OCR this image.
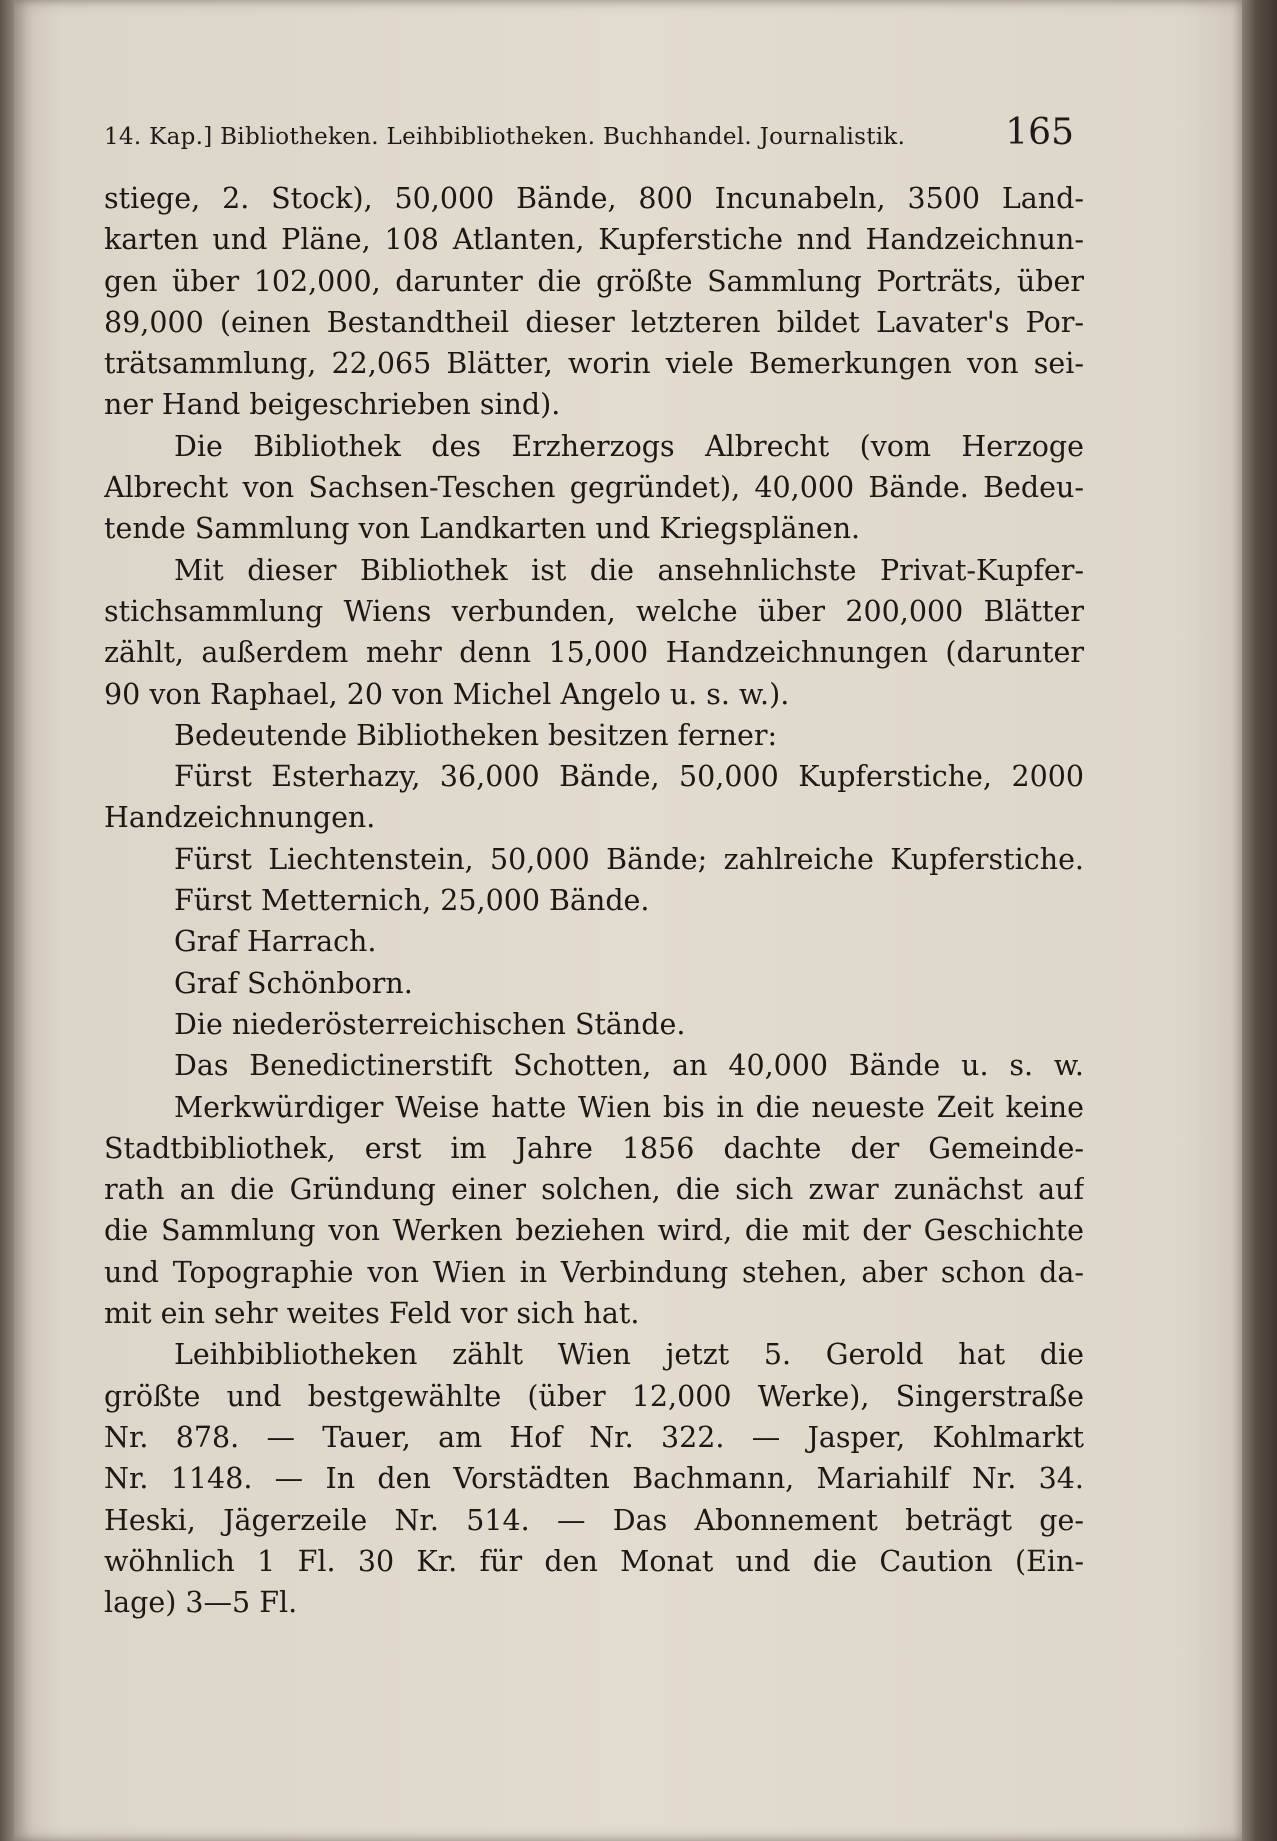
14. Kap.] Bibliotheken. Leihbibliotheken. Buchhandel. Journalistik.	165
stiege, 2. Stock), 50,000 Bände, 800 Incunabeln, 3500 Land-
karten und Pläne, 108 Atlanten, Kupferstiche nnd Handzeichnun-
gen über 102,000, darunter die größte Sammlung Porträts, über
89,000 (einen Bestandtheil dieser letzteren bildet Lavater's Por-
trätsammlung, 22,065 Blätter, worin viele Bemerkungen von sei-
ner Hand beigeschrieben sind).
Die Bibliothek des Erzherzogs Albrecht (vom Herzoge
Albrecht von Sachsen-Teschen gegründet), 40,000 Bände. Bedeu-
tende Sammlung von Landkarten und Kriegsplänen.
Mit dieser Bibliothek ist die ansehnlichste Privat-Kupfer-
stichsammlung Wiens verbunden, welche über 200,000 Blätter
zählt, außerdem mehr denn 15,000 Handzeichnungen (darunter
90 von Raphael, 20 von Michel Angelo u. s. w.).
Bedeutende Bibliotheken besitzen ferner:
Fürst Esterhazy, 36,000 Bände, 50,000 Kupferstiche, 2000
Handzeichnungen.
Fürst Liechtenstein, 50,000 Bände; zahlreiche Kupferstiche.
Fürst Metternich, 25,000 Bände.
Graf Harrach.
Graf Schönborn.
Die niederösterreichischen Stände.
Das Benedictinerstift Schotten, an 40,000 Bände u. s. w.
Merkwürdiger Weise hatte Wien bis in die neueste Zeit keine
Stadtbibliothek, erst im Jahre 1856 dachte der Gemeinde-
rath an die Gründung einer solchen, die sich zwar zunächst auf
die Sammlung von Werken beziehen wird, die mit der Geschichte
und Topographie von Wien in Verbindung stehen, aber schon da-
mit ein sehr weites Feld vor sich hat.
Leihbibliotheken zählt Wien jetzt 5. Gerold hat die
größte und bestgewählte (über 12,000 Werke), Singerstraße
Nr. 878. — Tauer, am Hof Nr. 322. — Jasper, Kohlmarkt
Nr. 1148. — In den Vorstädten Bachmann, Mariahilf Nr. 34.
Heski, Jägerzeile Nr. 514. — Das Abonnement beträgt ge-
wöhnlich 1 Fl. 30 Kr. für den Monat und die Caution (Ein-
lage) 3—5 Fl.
